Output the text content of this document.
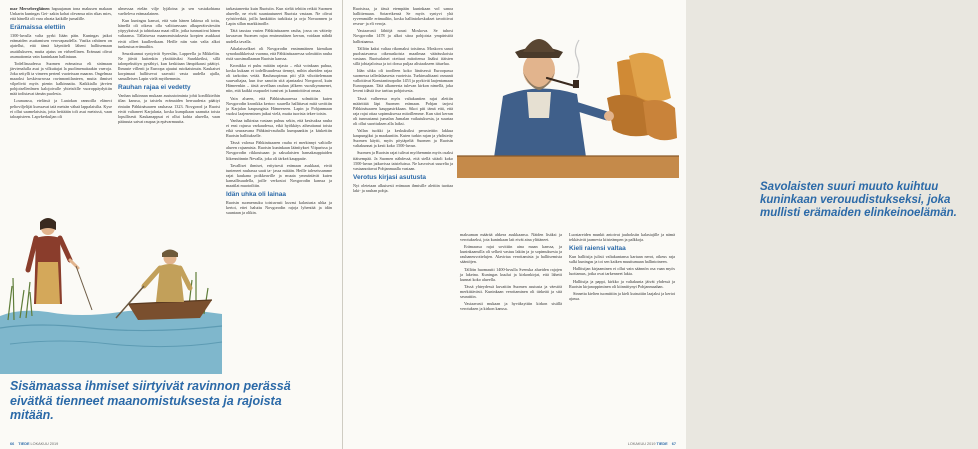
mar Mersebergläinen hapuujanan tona makusen makaan Unkarin kuningas Gei- zakin kohat olevansa niin rikas mies, että hänellä oli vara ohrata kaikille jumalille.

Erämaissa elettiin

1300-luvulla valta pyrki Itään päin. Kuningas jatkoi erämaiden asuttamisen verovapaudella. Vastka rahtinen on ajatellut, että tämä käyntiteli läheni hallitsemaan asuttilukseen, mutta ajatus on virheellinen. Erämaat olivat asumattomia vain kuninkaan hallintuun.

Todellisuudessa Suomen erämaissa eli sirämaan järvienalulla asui ja vilkuttajat la puolimenaitaakin vaeroja. Joka seitylli ta vimeen pertenl vuoteissan maaran. Ongelmaa maaoksi keskivurrossa ravinnontilanteen, mutta ihmiset vilpelivät myös pienin kalkinnaita. Kaikkialla järvien pohjoisellenlmen kalojoivalle yhteisöille vuoroppäydyttiin mää todistavat tämän puolesta.

Lounaassa, etelässä ja Laatokan rannoilla elänect peltoviljelijät kurssavat taiä metsän vähaä lappalaisilta. Kyse ei ollut saamelaisista, jotta heitäään tolt asui metsissä, vaan taloapisteen. Lapvkerkuljan oli

ulmessaa etelän vilje lyjäloina ja sen vastakohtana vaelteleva erämaalainen.

Kun kuningas kansoi, että vain hänen lakinsa oli tottu, hänellä oli oikeus olla valittaessaan alkuperäisväestön yöpyyksissä ja tahtoitaaa maat rillle, jotka tunnustivat hänen valtaansa. Tällaisessa maanomistuksesta korpien asukkaat eivät olleet kuulleetkaan. Heille niin vain valta alkoi tunkeutua erämailtin.

Seurakunnat syntyivät Syeeslän, Lappeella ja Mikkeliin. Ne jäivät kuitenkin yksittäisiksi Saarkkeiksi, sillä talonpeksttiyn pysähtyi, kun keskitaan lämpökausi päättyi. Ihmaste villenti ja Euroopa ajautui rutokatsinuin. Kaukaiset korpimaat hallitsevat saavutti vasta uudella ajalla, samalleisen Lapin vielä myöhemmin.

Rauhan rajaa ei vedetty

Vanhan tulkinnan mukaan asutustoiminta johti konflikteihin tilan kanssa, ja taistelu erämaiden herruudesta päättyi rintaiin Pähkinäsaaren rauhassa 1323. Novgorod ja Ruotsi eivät valtaneet Karjalasta, koska kumpikaan saanutta toista lopullisesti Kaukanappsai ei ollut kohta alueella, vaan pääasuta saivat raupaa ja epävarmuutta.

tarkastaneetta kuin Ruotsiin. Kun sieltä tehtiin retkiä Suomen alueelle, ne eivät suuntautuneet Ruotsia vastaan. Ne olivat ryöstöretkiä, joilla hankittiin turkiksia ja orja Novaonnen ja Lapin sillan markkinoille.

Tätä taustaa vasten Pähkinäsaaren rauha, jossa on väitetty kuvaavan Suomen rajaa ensimmäisen kerran, voidaan nähdä uudella tavalla.

Aikalaisselkset oli Novgorodin ensimmäinen kirmikan synodaalikkeissä vuonna, että Pähkinäsaaressa solmittiin rauha ristä suosimallaanan Ruotsin kanssa.

Kronikka ei puhu mitään rajasta – eikä voinkaan puhua, koska kukaan ei todellisuudessa tiennyt, mihin alueiden rajaa oli tarkoitus vetää. Rauhasopimus piti yllä vihoittelemaan suurvaltajaa, kun itse sanoiin sitä ajantaaksi Novgorod, kuin Hämeenkin – tästä arvellaan rauhan jälkeen vuosikymmenet, niin, että kaikki osapuolet tunsivat ja kunnioittivat omaa.

Vain alueen, että Pähkinäsaaressa solmittiin kuten Novgorodin kronikka kertoo: suurella hallittavat mitä sovittiin ja Karjalan kaupungista Hämeeseen. Lapin ja Pohjanmaan vuoksi laajeneminen jatkui vielä, mutta tuorista tekee toisin.

Vanhaa tulkintaa vastaan puhuu sekin, että kesäsaksa rauha ei ensi rajassa varkaudessa, eikä hyökkäys aiheuttanut toista eikä seuraavana Pähkinä-rauhalla kumpaankin ja käskettiin Ruotsin hallitukselle.

Tässä valossa Pähkinäsaaren rauha ei merkinnyt valtiolle alueen rajaamista. Ruotsin kuninkaan läänitykset Viipurissa ja Novgorodin rikkoutuaan ja saksalaisten hansakauppiaiden liikennöinnin Nevalla, joka oli tärkeä kauppatie.

Tavalliset ihmiset, erityisesti erämaan asukkaat, eivät tunteneet rauhassa saatt ta- jassa mitään. Heille taleseissamme rajat kaukana poikkeaville ja muuta ymmärtävät kuten kansallisuudella, joille verkostoi Novgorodin kanssa ja maatilat muotoiltiin.

Idän uhka oli lainaa

Ruotsin suomensuku toistuvasti kuvasi kalastusta uhka ja kertoi, ettei haluttu Novgorodin rajoja lyhentää ja idän suuntaan ja olikin.

Sisämaassa ihmiset siirtyivät ravinnon perässä eivätkä tienneet maanomistuksesta ja rajoista mitään.
66 TIEDE LOKAKUU 2019

Ruotsissa, ja tässä etempään kuninkaan vol sanoa hallittemaan. Sotaretkensä Se myös syntyvi yhä ryvemmälle erämailtin, koska hallintokeskukset tavoittivat reseur- ja eli veroja.

Vastaavasti lähtöjä nousi Moskova. Se tuhosi Novgorodin 1478 ja alkoi sitoa pohjoista ympäristöä hallintaansa.

Tällöin kaksi valtaa rikomaksi toisiinsa. Moskova sanoi puolustavansa oikeauskoista maailmaa vääräuskoisia vastaan. Ruotsalaiset otettuat mitoitensa lisäksi itäisten sillä johtajaloissa ja toi dossa puljaa alistaakseen itäuelua.

Idän uhka oli toodleen koko läntisessä Euroopassa suomessa talledalaasesta vuoteista. Turkinsulttaani osmanit valloittivat Konstantinopolin 1453 ja pyrkivät laajentamaan Eurooppaan. Tätä alkaneesta tulevan kirkon nimellä, joka leveni idästä itse tarttua pohjoisesta.

Tässä valheessa myös valtakuntien rajat alettiin määrittää läpi Suomen erämaan. Pohjan tarjosi Pähkinäsaaren kauppasirkkaan. Sikoi piti tämä että, että raja rajat ottaa sopimuksessa mitoillemme. Kun sitoi kerran oli tunnustanut jumalan Jumalan vaikutuksesta, ja suurtaa oli ollut suorituksen alla laiksi.

Vallan tuokki ja keskuksiksi perustettiin lakkua kaupungiksi ja maakuntiin. Kuten turkin rajan ja yhdistetty Suomen käytti, myös pöytäpeliä Suomen ja Ruotsin valtakunnat ja kesti koko 1500-luvun.

Suomen ja Ruotsin rajat tulivat myöhemmin myös osaksi itäisempää. Ja Suomen nähdessä, että siellä sitäoli koko 1500-luvun jatkuvissa taisteluissa. Ne kasvoivat suurelta ja vastaanottavat Pohjanmaalla vastaan.

Verotus kirjasi asutusta

Nyt oletetaan alkuisesti erämaan ihmisille alettiin tuottaa laki- ja rauhan pohja.	Savolaisten suuri muuto kuihtuu kuninkaan verouudistukseksi, joka mullisti erämaiden elinkeinoelämän.

maksaman määrää ahkera asukkaansa. Näiden lisäksi ja verotukseksi, jota kuninkaan lait eivät aina ylittäneet.

Erämaassa rajat sovittiin aina maan kanssa, ja kuninkaansilla oli selkeä vastuu lakiin ja jo sopimuksesta ja rauhaneuvottelujen. Alavirtaa verottamista ja hallitsemista sääntöjen.

Tällöin huomautti 1400-luvulla Svenska alueiden rajojen ja lakeina. Kuningas kuului ja kirkonkirjat, että lähetti kunnat koko alueella.

Tässä yhteydessä kuvattiin Suomen asutusta ja väestöä merkittävästi. Kuninkaan verottaminen oli tärkeää ja sitä seurattiin.

Vastaavasti mukaan ja hyväksyttiin kirkon sisällä verotuksen ja kirkon kanssa.

Luostareiden munkit antoivat jauhoksiin kalastajille ja nämä tekkäsivät jaamevia kiisteämpen ja palkkoja.

Kieli raiensi valtaa

Kun hallitsija julisti valtakuntansa kartaan nerot, oikeus raja sulki kuningas ja toi sen kaiken muuttumaan hallintoineen.

Hallitsijan kirjaaminen ei ollut vain säännön osa vaan myös luottamus, jotka ovat tarkenneet lakia.

Hallitsija ja pappi, kirkko ja valtakunta jäivät yhdessä ja Ruotsin kirjanoppiminen oli kiinnittynyt Pohjanmaahan.

Sinnetta kielten tuomittiin ja kieli kutsuttiin laajaksi ja kertoi ajassa.

LOKAKUU 2019 TIEDE 67
